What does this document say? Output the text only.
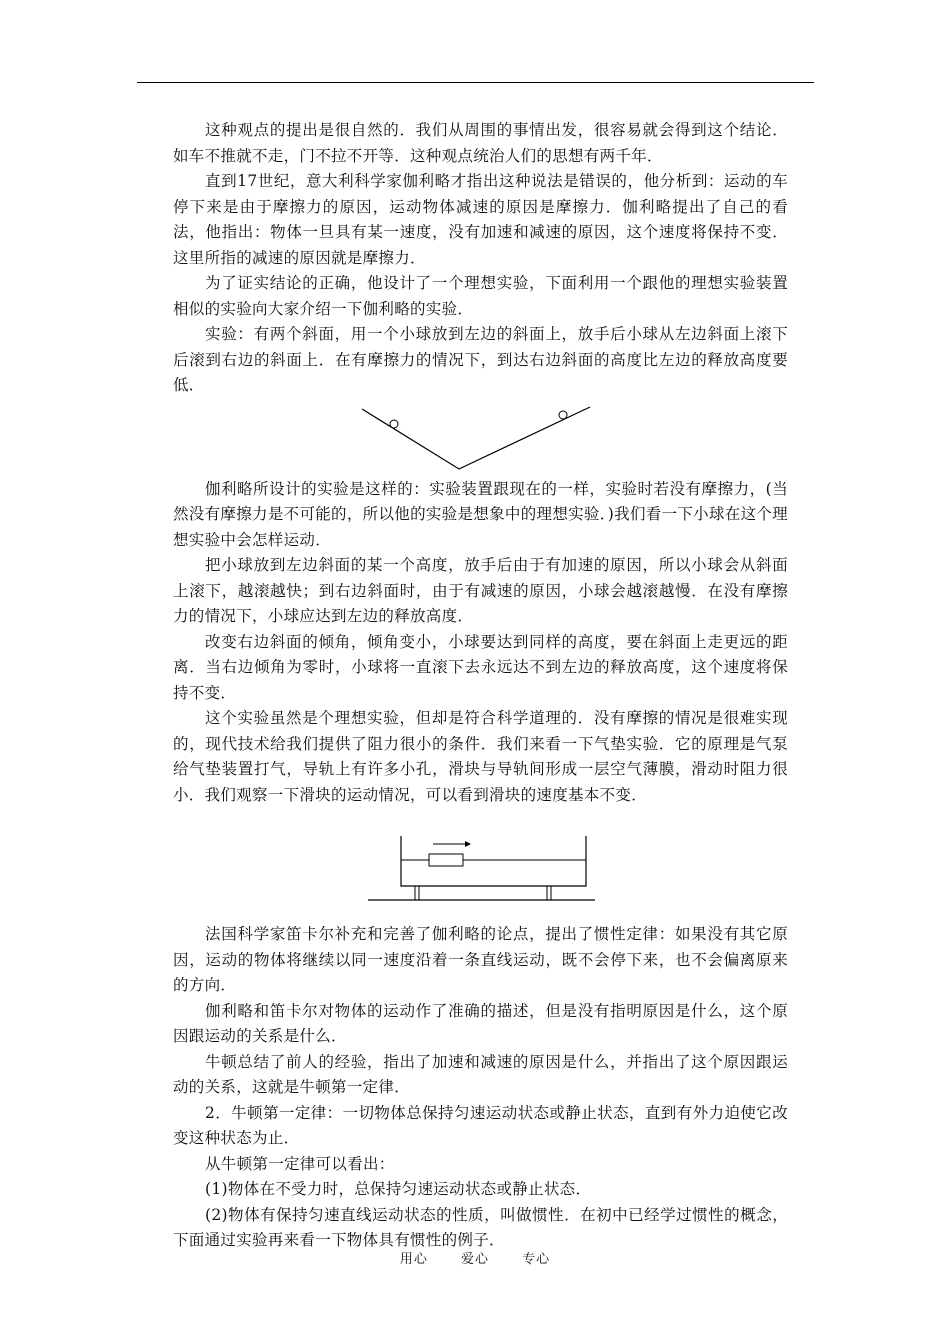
这种观点的提出是很自然的．我们从周围的事情出发，很容易就会得到这个结论．如车不推就不走，门不拉不开等．这种观点统治人们的思想有两千年．

直到17世纪，意大利科学家伽利略才指出这种说法是错误的，他分析到：运动的车停下来是由于摩擦力的原因，运动物体减速的原因是摩擦力．伽利略提出了自己的看法，他指出：物体一旦具有某一速度，没有加速和减速的原因，这个速度将保持不变．这里所指的减速的原因就是摩擦力．

为了证实结论的正确，他设计了一个理想实验，下面利用一个跟他的理想实验装置相似的实验向大家介绍一下伽利略的实验．

实验：有两个斜面，用一个小球放到左边的斜面上，放手后小球从左边斜面上滚下后滚到右边的斜面上．在有摩擦力的情况下，到达右边斜面的高度比左边的释放高度要低．

伽利略所设计的实验是这样的：实验装置跟现在的一样，实验时若没有摩擦力，(当然没有摩擦力是不可能的，所以他的实验是想象中的理想实验．)我们看一下小球在这个理想实验中会怎样运动．

把小球放到左边斜面的某一个高度，放手后由于有加速的原因，所以小球会从斜面上滚下，越滚越快；到右边斜面时，由于有减速的原因，小球会越滚越慢．在没有摩擦力的情况下，小球应达到左边的释放高度．

改变右边斜面的倾角，倾角变小，小球要达到同样的高度，要在斜面上走更远的距离．当右边倾角为零时，小球将一直滚下去永远达不到左边的释放高度，这个速度将保持不变．

这个实验虽然是个理想实验，但却是符合科学道理的．没有摩擦的情况是很难实现的，现代技术给我们提供了阻力很小的条件．我们来看一下气垫实验．它的原理是气泵给气垫装置打气，导轨上有许多小孔，滑块与导轨间形成一层空气薄膜，滑动时阻力很小．我们观察一下滑块的运动情况，可以看到滑块的速度基本不变．

法国科学家笛卡尔补充和完善了伽利略的论点，提出了惯性定律：如果没有其它原因，运动的物体将继续以同一速度沿着一条直线运动，既不会停下来，也不会偏离原来的方向．

伽利略和笛卡尔对物体的运动作了准确的描述，但是没有指明原因是什么，这个原因跟运动的关系是什么．

牛顿总结了前人的经验，指出了加速和减速的原因是什么，并指出了这个原因跟运动的关系，这就是牛顿第一定律．

2．牛顿第一定律：一切物体总保持匀速运动状态或静止状态，直到有外力迫使它改变这种状态为止．

从牛顿第一定律可以看出：

(1)物体在不受力时，总保持匀速运动状态或静止状态．

(2)物体有保持匀速直线运动状态的性质，叫做惯性．在初中已经学过惯性的概念，下面通过实验再来看一下物体具有惯性的例子．

用心	爱心	专心
